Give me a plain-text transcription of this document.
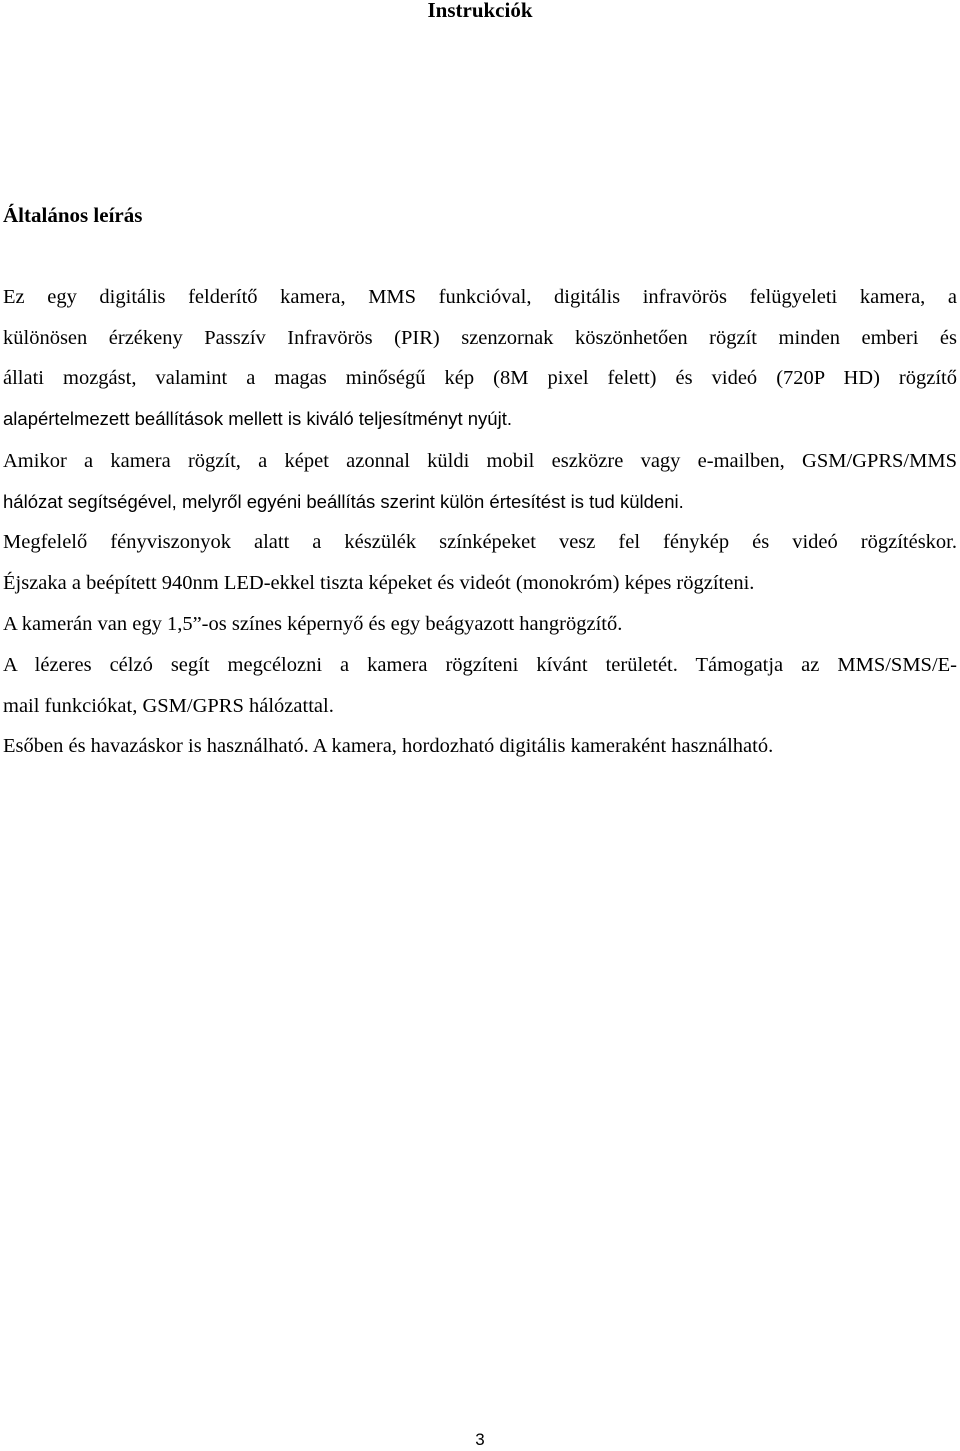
Instrukciók
Általános leírás
Ez egy digitális felderítő kamera, MMS funkcióval, digitális infravörös felügyeleti kamera, a
különösen érzékeny Passzív Infravörös (PIR) szenzornak köszönhetően rögzít minden emberi és
állati mozgást, valamint a magas minőségű kép (8M pixel felett) és videó (720P HD) rögzítő
alapértelmezett beállítások mellett is kiváló teljesítményt nyújt.
Amikor a kamera rögzít, a képet azonnal küldi mobil eszközre vagy e-mailben, GSM/GPRS/MMS
hálózat segítségével, melyről egyéni beállítás szerint külön értesítést is tud küldeni.
Megfelelő fényviszonyok alatt a készülék színképeket vesz fel fénykép és videó rögzítéskor.
Éjszaka a beépített 940nm LED-ekkel tiszta képeket és videót (monokróm) képes rögzíteni.
A kamerán van egy 1,5”-os színes képernyő és egy beágyazott hangrögzítő.
A lézeres célzó segít megcélozni a kamera rögzíteni kívánt területét. Támogatja az MMS/SMS/E-
mail funkciókat, GSM/GPRS hálózattal.
Esőben és havazáskor is használható. A kamera, hordozható digitális kameraként használható.
3
